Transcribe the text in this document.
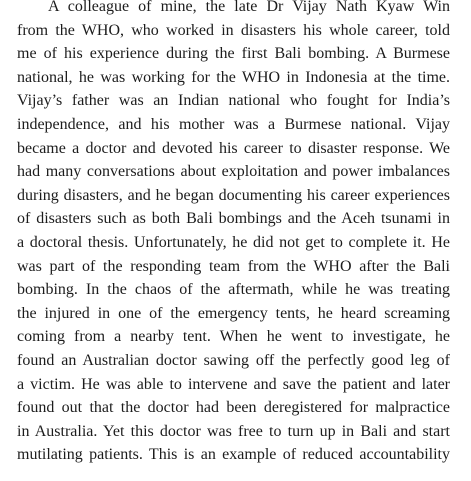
A colleague of mine, the late Dr Vijay Nath Kyaw Win
from the WHO, who worked in disasters his whole career, told
me of his experience during the first Bali bombing. A Burmese
national, he was working for the WHO in Indonesia at the time.
Vijay’s father was an Indian national who fought for India’s
independence, and his mother was a Burmese national. Vijay
became a doctor and devoted his career to disaster response. We
had many conversations about exploitation and power imbalances
during disasters, and he began documenting his career experiences
of disasters such as both Bali bombings and the Aceh tsunami in
a doctoral thesis. Unfortunately, he did not get to complete it. He
was part of the responding team from the WHO after the Bali
bombing. In the chaos of the aftermath, while he was treating
the injured in one of the emergency tents, he heard screaming
coming from a nearby tent. When he went to investigate, he
found an Australian doctor sawing off the perfectly good leg of
a victim. He was able to intervene and save the patient and later
found out that the doctor had been deregistered for malpractice
in Australia. Yet this doctor was free to turn up in Bali and start
mutilating patients. This is an example of reduced accountability
